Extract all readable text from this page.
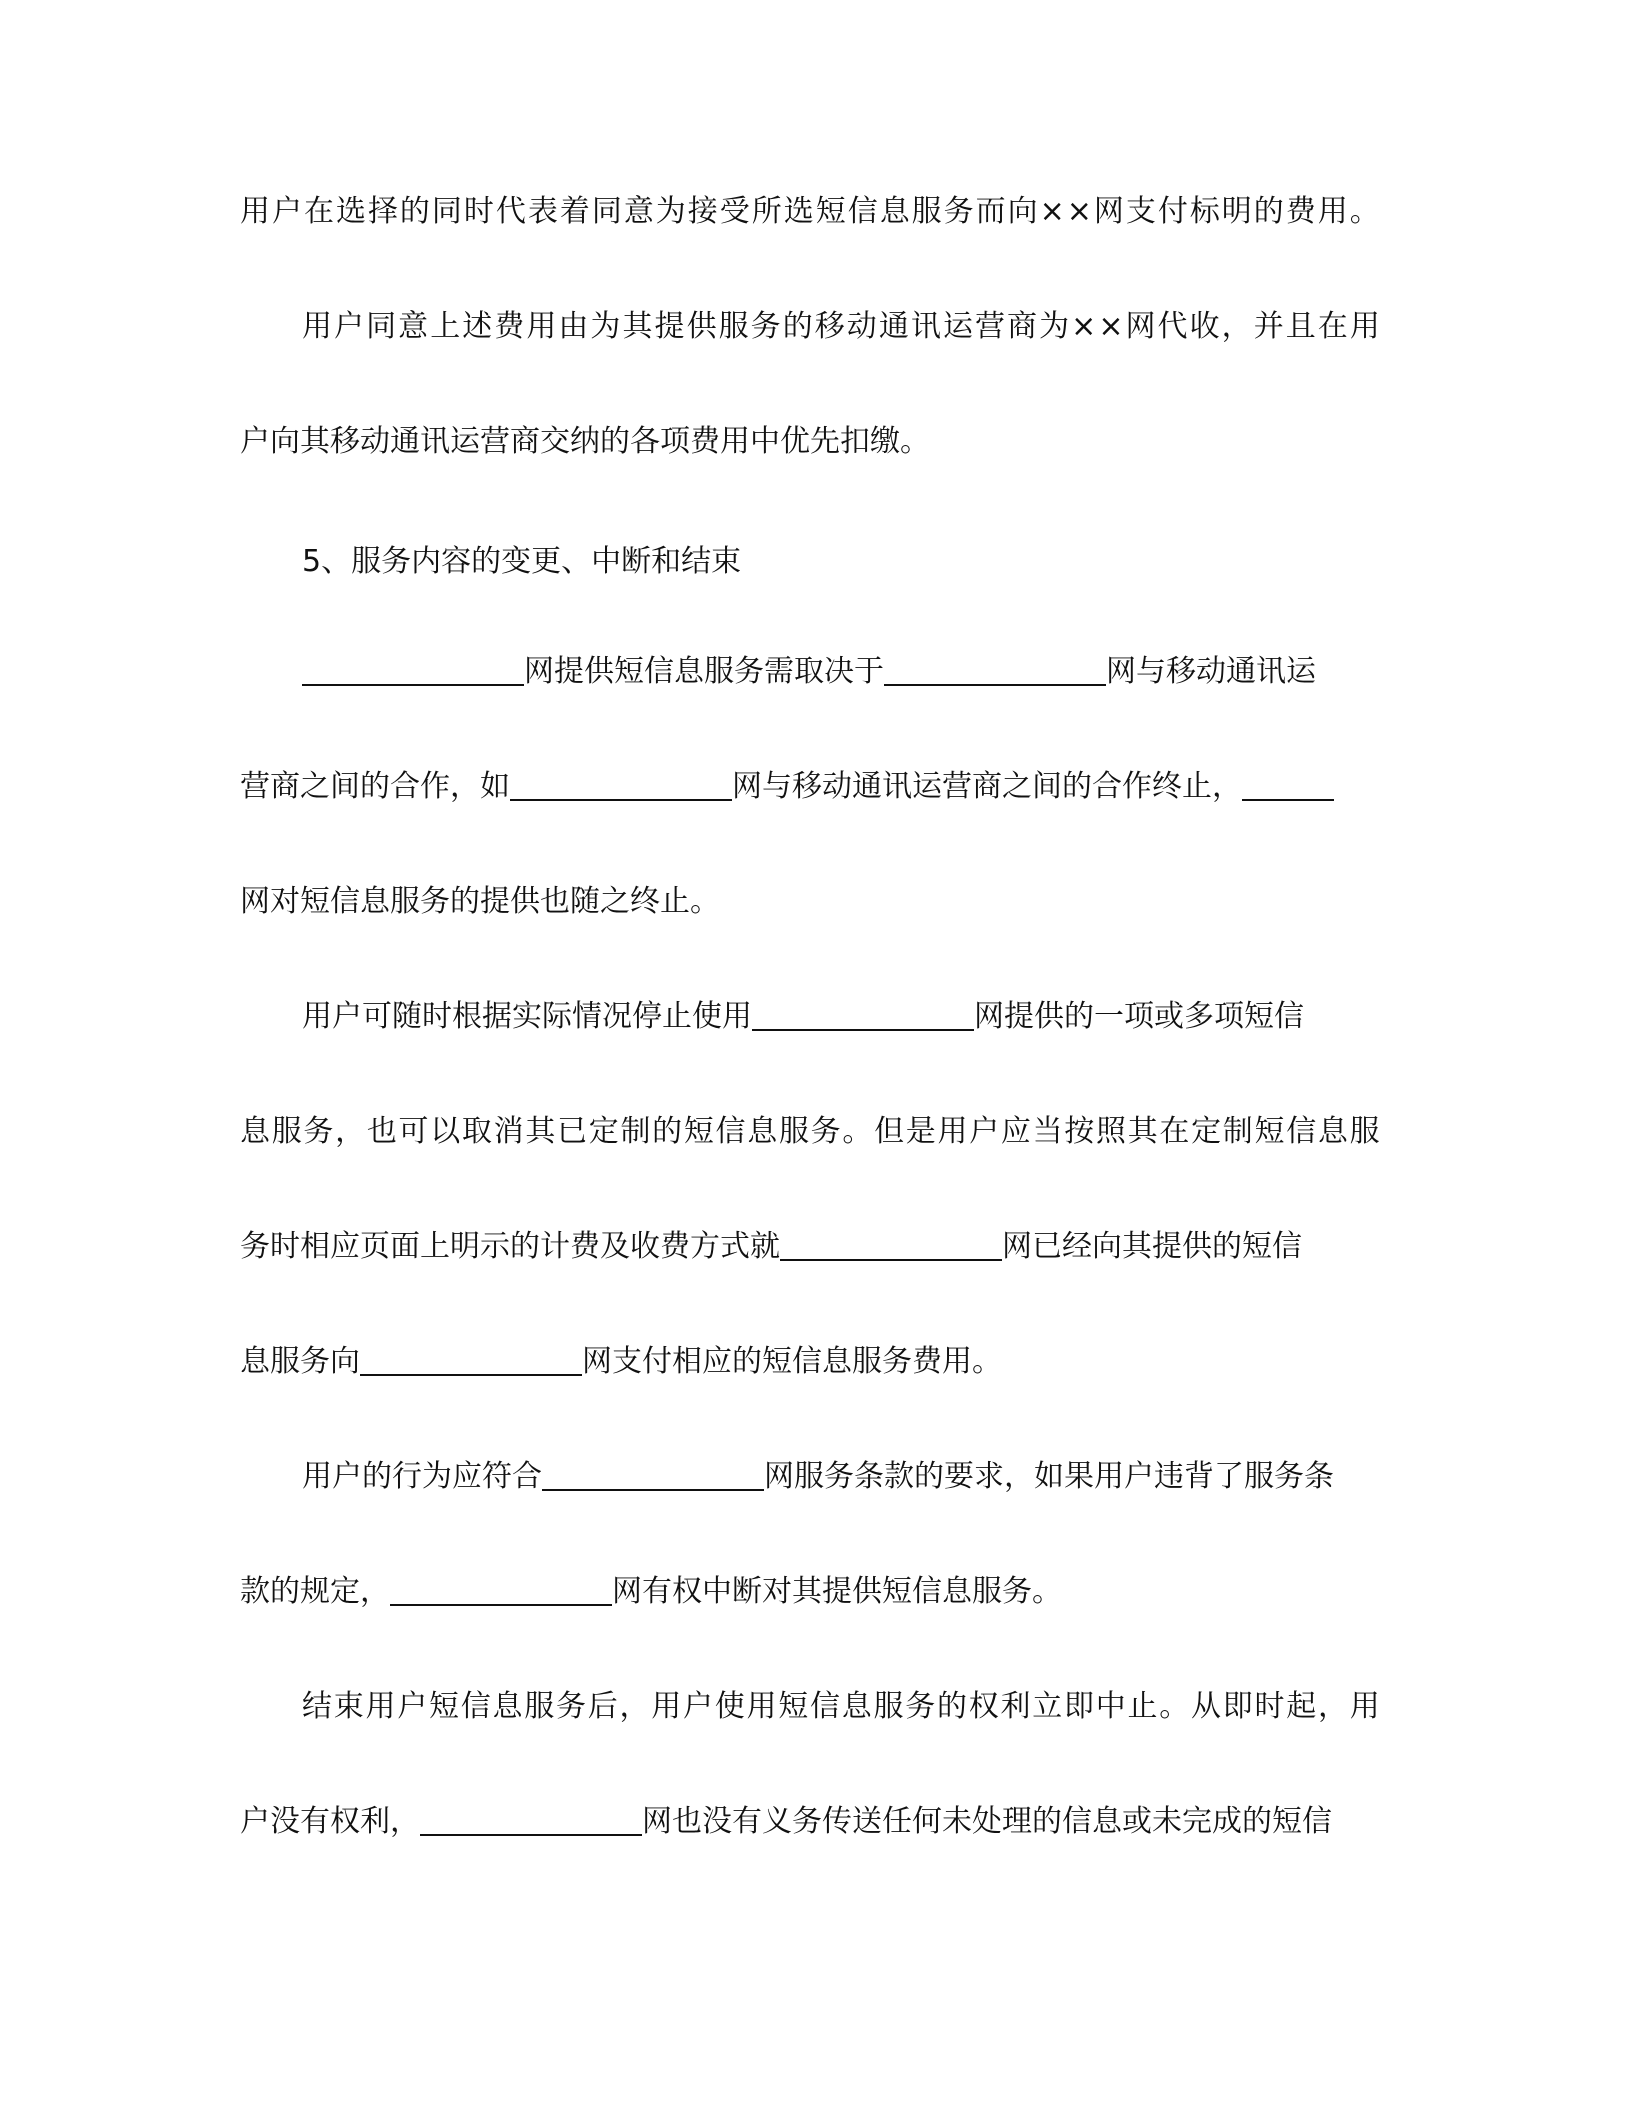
用 户 在 选 择 的 同 时 代 表 着 同 意 为 接 受 所 选 短 信 息 服 务 而 向 × × 网 支 付 标 明 的 费 用 。
用 户 同 意 上 述 费 用 由 为 其 提 供 服 务 的 移 动 通 讯 运 营 商 为 × × 网 代 收 ， 并 且 在 用
户向其移动通讯运营商交纳的各项费用中优先扣缴。
5、服务内容的变更、中断和结束
网提供短信息服务需取决于	网与移动通讯运
营商之间的合作，如	网与移动通讯运营商之间的合作终止，
网对短信息服务的提供也随之终止。
用户可随时根据实际情况停止使用	网提供的一项或多项短信
息 服 务 ， 也 可 以 取 消 其 已 定 制 的 短 信 息 服 务 。 但 是 用 户 应 当 按 照 其 在 定 制 短 信 息 服
务时相应页面上明示的计费及收费方式就	网已经向其提供的短信
息服务向	网支付相应的短信息服务费用。
用户的行为应符合	网服务条款的要求，如果用户违背了服务条
款的规定，	网有权中断对其提供短信息服务。
结 束 用 户 短 信 息 服 务 后 ， 用 户 使 用 短 信 息 服 务 的 权 利 立 即 中 止 。 从 即 时 起 ， 用
户没有权利，	网也没有义务传送任何未处理的信息或未完成的短信
